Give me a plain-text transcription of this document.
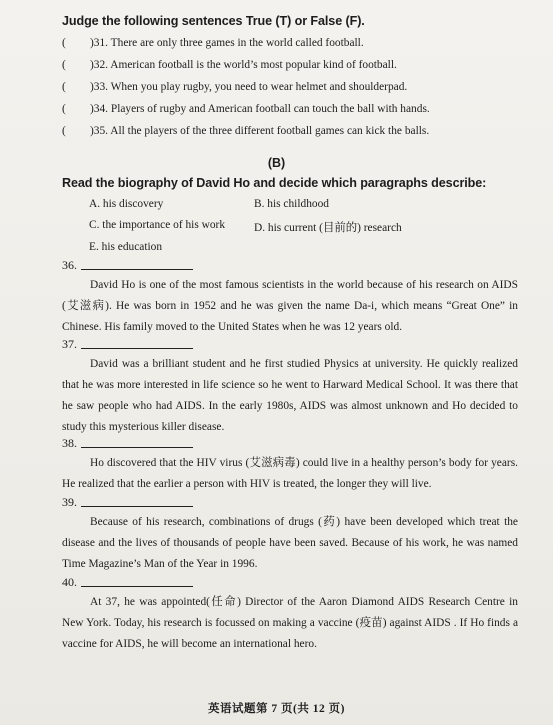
Judge the following sentences True (T) or False (F).
( )31. There are only three games in the world called football.
( )32. American football is the world’s most popular kind of football.
( )33. When you play rugby, you need to wear helmet and shoulderpad.
( )34. Players of rugby and American football can touch the ball with hands.
( )35. All the players of the three different football games can kick the balls.
(B)
Read the biography of David Ho and decide which paragraphs describe:
A. his discovery	B. his childhood
C. the importance of his work	D. his current (目前的) research
E. his education
36.
David Ho is one of the most famous scientists in the world because of his research on AIDS (艾滋病). He was born in 1952 and he was given the name Da-i, which means “Great One” in Chinese. His family moved to the United States when he was 12 years old.
37.
David was a brilliant student and he first studied Physics at university. He quickly realized that he was more interested in life science so he went to Harward Medical School. It was there that he saw people who had AIDS. In the early 1980s, AIDS was almost unknown and Ho decided to study this mysterious killer disease.
38.
Ho discovered that the HIV virus (艾滋病毒) could live in a healthy person’s body for years. He realized that the earlier a person with HIV is treated, the longer they will live.
39.
Because of his research, combinations of drugs (药) have been developed which treat the disease and the lives of thousands of people have been saved. Because of his work, he was named Time Magazine’s Man of the Year in 1996.
40.
At 37, he was appointed(任命) Director of the Aaron Diamond AIDS Research Centre in New York. Today, his research is focussed on making a vaccine (疫苗) against AIDS . If Ho finds a vaccine for AIDS, he will become an international hero.
英语试题第 7 页(共 12 页)
